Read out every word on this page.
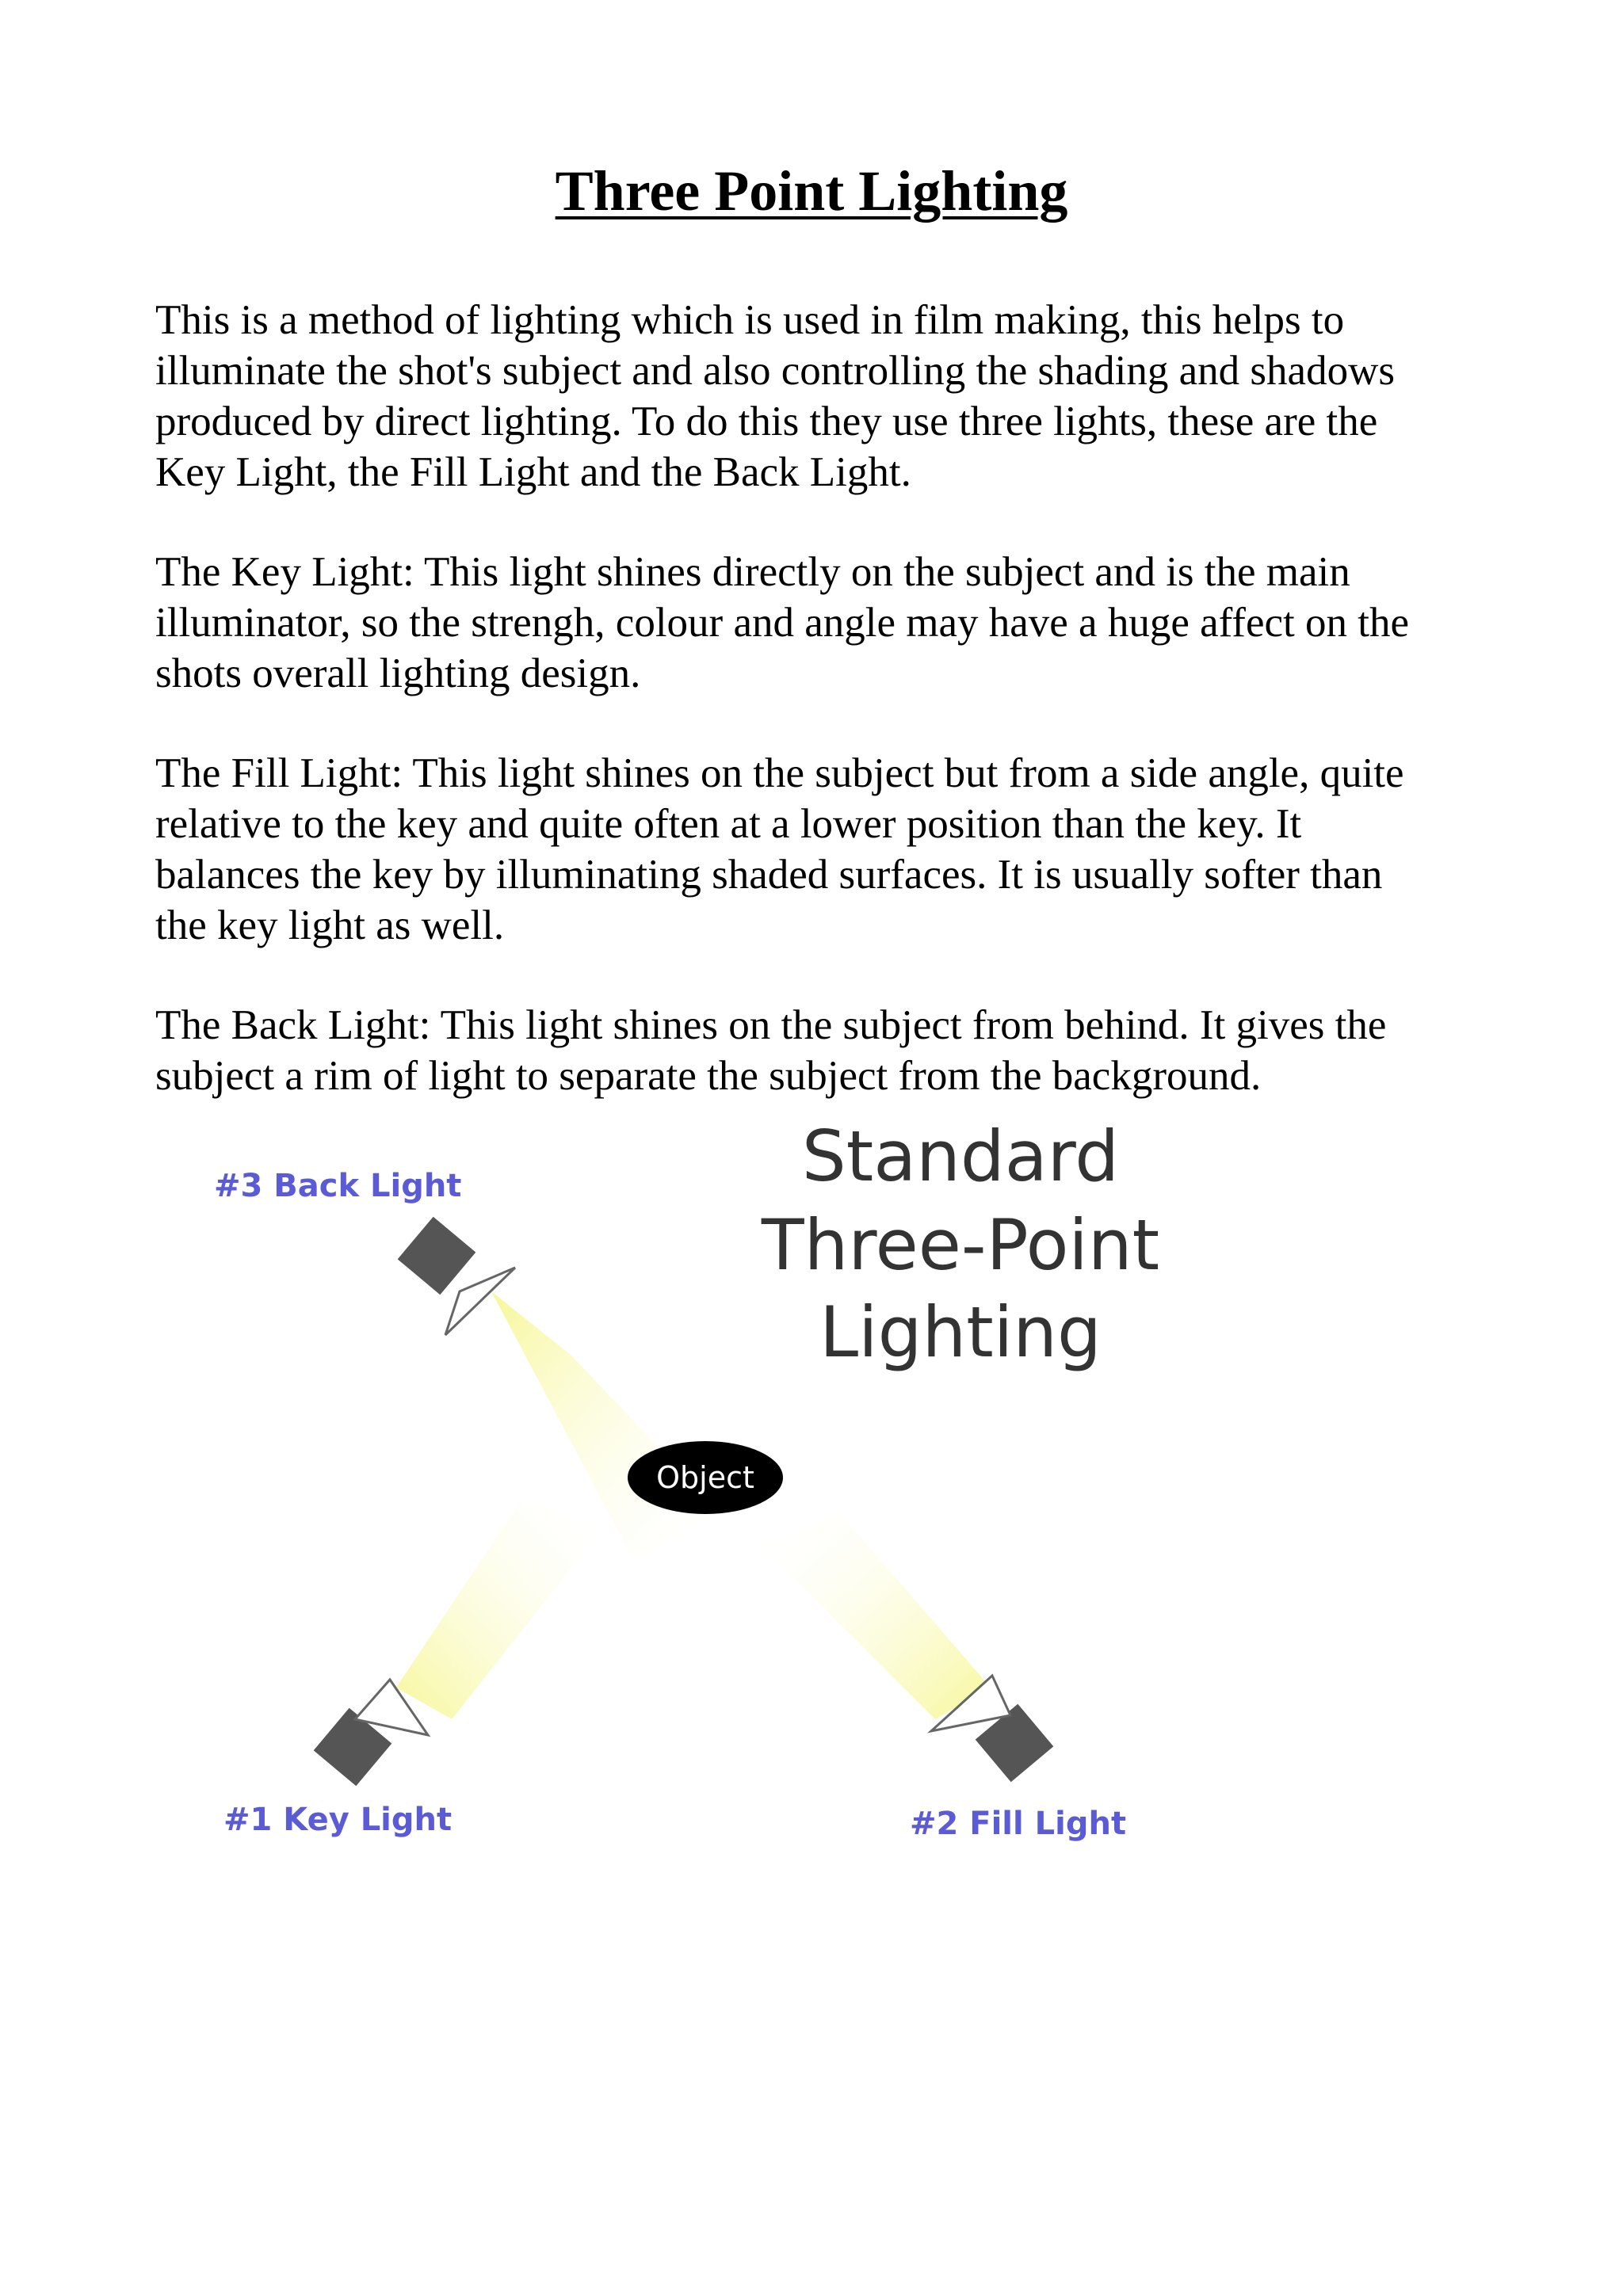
Three Point Lighting

This is a method of lighting which is used in film making, this helps to
illuminate the shot's subject and also controlling the shading and shadows
produced by direct lighting. To do this they use three lights, these are the
Key Light, the Fill Light and the Back Light.

The Key Light: This light shines directly on the subject and is the main
illuminator, so the strengh, colour and angle may have a huge affect on the
shots overall lighting design.

The Fill Light: This light shines on the subject but from a side angle, quite
relative to the key and quite often at a lower position than the key. It
balances the key by illuminating shaded surfaces. It is usually softer than
the key light as well.

The Back Light: This light shines on the subject from behind. It gives the
subject a rim of light to separate the subject from the background.

Standard
Three-Point
Lighting
Object
#3 Back Light
#1 Key Light	#2 Fill Light
